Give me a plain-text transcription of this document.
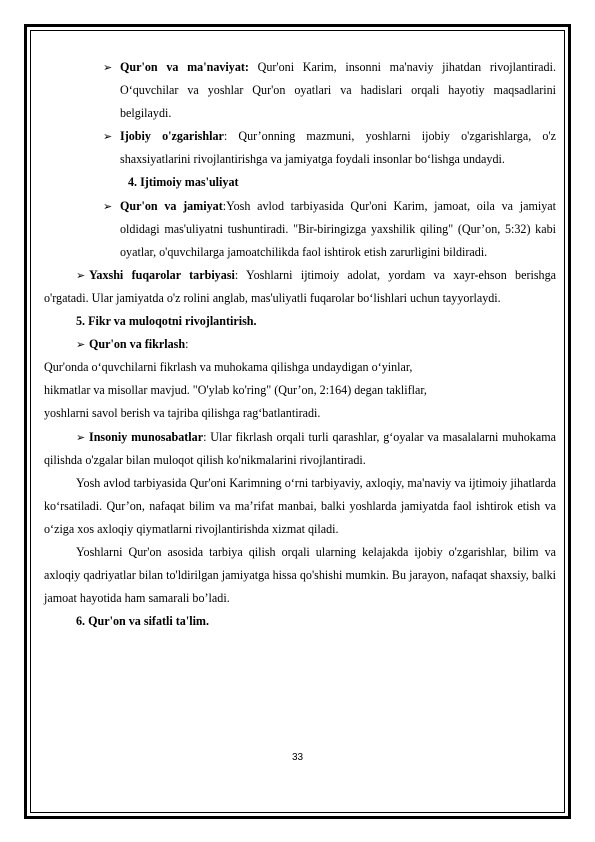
➢ Qur'on va ma'naviyat: Qur'oni Karim, insonni ma'naviy jihatdan rivojlantiradi. O‘quvchilar va yoshlar Qur'on oyatlari va hadislari orqali hayotiy maqsadlarini belgilaydi.
➢ Ijobiy o'zgarishlar: Qur’onning mazmuni, yoshlarni ijobiy o'zgarishlarga, o'z shaxsiyatlarini rivojlantirishga va jamiyatga foydali insonlar bo‘lishga undaydi.

4. Ijtimoiy mas'uliyat

➢ Qur'on va jamiyat:Yosh avlod tarbiyasida Qur'oni Karim, jamoat, oila va jamiyat oldidagi mas'uliyatni tushuntiradi. "Bir-biringizga yaxshilik qiling" (Qur’on, 5:32) kabi oyatlar, o'quvchilarga jamoatchilikda faol ishtirok etish zarurligini bildiradi.

➢ Yaxshi fuqarolar tarbiyasi: Yoshlarni ijtimoiy adolat, yordam va xayr-ehson berishga o'rgatadi. Ular jamiyatda o'z rolini anglab, mas'uliyatli fuqarolar bo‘lishlari uchun tayyorlaydi.

5. Fikr va muloqotni rivojlantirish.

➢ Qur'on va fikrlash:

Qur'onda o‘quvchilarni fikrlash va muhokama qilishga undaydigan o‘yinlar,

hikmatlar va misollar mavjud. "O'ylab ko'ring" (Qur’on, 2:164) degan takliflar,

yoshlarni savol berish va tajriba qilishga rag‘batlantiradi.

➢ Insoniy munosabatlar: Ular fikrlash orqali turli qarashlar, g‘oyalar va masalalarni muhokama qilishda o'zgalar bilan muloqot qilish ko'nikmalarini rivojlantiradi.

Yosh avlod tarbiyasida Qur'oni Karimning o‘rni tarbiyaviy, axloqiy, ma'naviy va ijtimoiy jihatlarda ko‘rsatiladi. Qur’on, nafaqat bilim va ma’rifat manbai, balki yoshlarda jamiyatda faol ishtirok etish va o‘ziga xos axloqiy qiymatlarni rivojlantirishda xizmat qiladi.

Yoshlarni Qur'on asosida tarbiya qilish orqali ularning kelajakda ijobiy o'zgarishlar, bilim va axloqiy qadriyatlar bilan to'ldirilgan jamiyatga hissa qo'shishi mumkin. Bu jarayon, nafaqat shaxsiy, balki jamoat hayotida ham samarali bo’ladi.

6. Qur'on va sifatli ta'lim.

33
